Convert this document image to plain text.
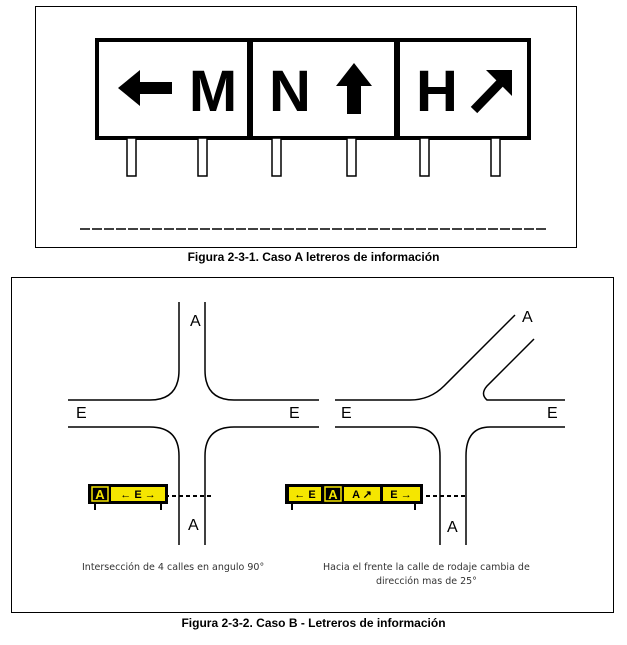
Figura 2-3-1. Caso A letreros de información
Figura 2-3-2. Caso B - Letreros de información
M N H
A
E	E
A
A ← E →
Intersección de 4 calles en angulo 90°
A
E	E
A
← E A A ↗ E →
Hacia el frente la calle de rodaje cambia de
dirección mas de 25°
